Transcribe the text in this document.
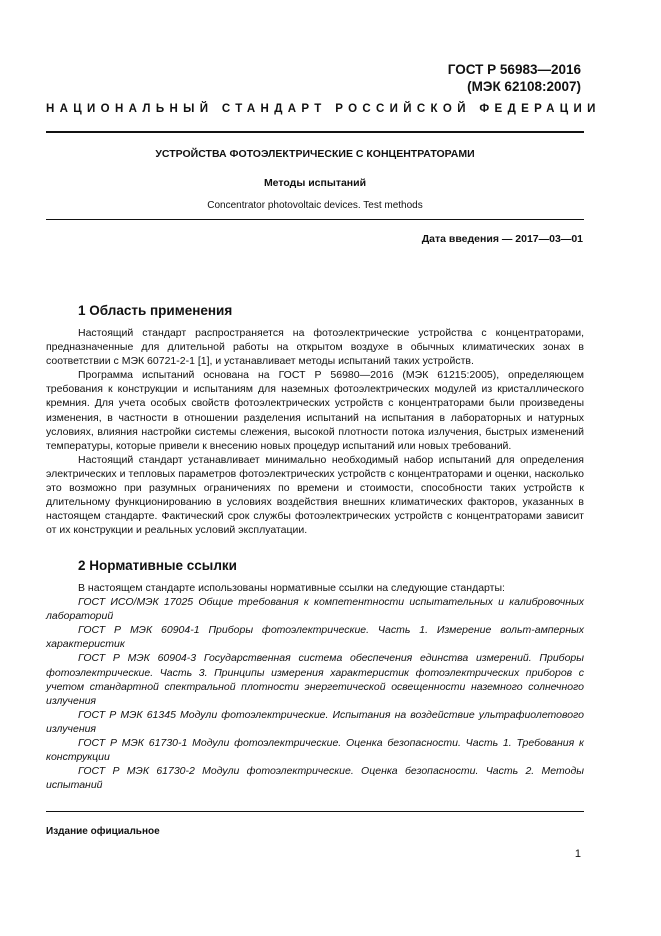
ГОСТ Р 56983—2016
(МЭК 62108:2007)
НАЦИОНАЛЬНЫЙ СТАНДАРТ РОССИЙСКОЙ ФЕДЕРАЦИИ
УСТРОЙСТВА ФОТОЭЛЕКТРИЧЕСКИЕ С КОНЦЕНТРАТОРАМИ
Методы испытаний
Concentrator photovoltaic devices. Test methods
Дата введения — 2017—03—01
1 Область применения

Настоящий стандарт распространяется на фотоэлектрические устройства с концентраторами, предназначенные для длительной работы на открытом воздухе в обычных климатических зонах в соответствии с МЭК 60721-2-1 [1], и устанавливает методы испытаний таких устройств.

Программа испытаний основана на ГОСТ Р 56980—2016 (МЭК 61215:2005), определяющем требования к конструкции и испытаниям для наземных фотоэлектрических модулей из кристаллического кремния. Для учета особых свойств фотоэлектрических устройств с концентраторами были произведены изменения, в частности в отношении разделения испытаний на испытания в лабораторных и натурных условиях, влияния настройки системы слежения, высокой плотности потока излучения, быстрых изменений температуры, которые привели к внесению новых процедур испытаний или новых требований.

Настоящий стандарт устанавливает минимально необходимый набор испытаний для определения электрических и тепловых параметров фотоэлектрических устройств с концентраторами и оценки, насколько это возможно при разумных ограничениях по времени и стоимости, способности таких устройств к длительному функционированию в условиях воздействия внешних климатических факторов, указанных в настоящем стандарте. Фактический срок службы фотоэлектрических устройств с концентраторами зависит от их конструкции и реальных условий эксплуатации.

2 Нормативные ссылки

В настоящем стандарте использованы нормативные ссылки на следующие стандарты:

ГОСТ ИСО/МЭК 17025 Общие требования к компетентности испытательных и калибровочных лабораторий

ГОСТ Р МЭК 60904-1 Приборы фотоэлектрические. Часть 1. Измерение вольт-амперных характеристик

ГОСТ Р МЭК 60904-3 Государственная система обеспечения единства измерений. Приборы фотоэлектрические. Часть 3. Принципы измерения характеристик фотоэлектрических приборов с учетом стандартной спектральной плотности энергетической освещенности наземного солнечного излучения

ГОСТ Р МЭК 61345 Модули фотоэлектрические. Испытания на воздействие ультрафиолетового излучения

ГОСТ Р МЭК 61730-1 Модули фотоэлектрические. Оценка безопасности. Часть 1. Требования к конструкции

ГОСТ Р МЭК 61730-2 Модули фотоэлектрические. Оценка безопасности. Часть 2. Методы испытаний

Издание официальное
1
